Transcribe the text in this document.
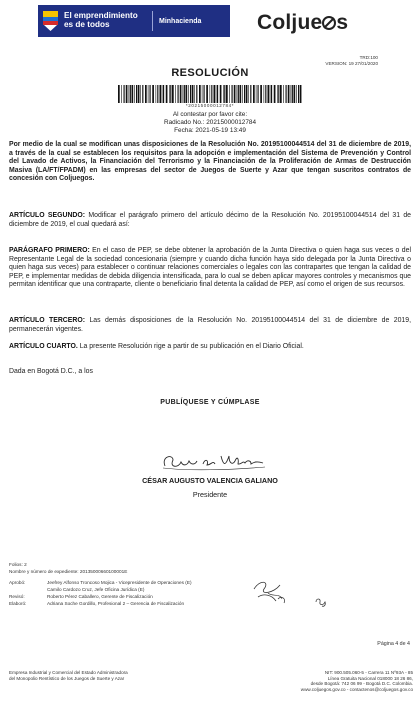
El emprendimiento
es de todos	Minhacienda	Coljue s
TRD:100
VERSION: 19 27/01/2020
RESOLUCIÓN
*20215000012784*
Al contestar por favor cite:
Radicado No.: 20215000012784
Fecha: 2021-05-19 13:49
Por medio de la cual se modifican unas disposiciones de la Resolución No. 20195100044514 del 31 de diciembre de 2019, a través de la cual se establecen los requisitos para la adopción e implementación del Sistema de Prevención y Control del Lavado de Activos, la Financiación del Terrorismo y la Financiación de la Proliferación de Armas de Destrucción Masiva (LA/FT/FPADM) en las empresas del sector de Juegos de Suerte y Azar que tengan suscritos contratos de concesión con Coljuegos.
ARTÍCULO SEGUNDO: Modificar el parágrafo primero del artículo décimo de la Resolución No. 20195100044514 del 31 de diciembre de 2019, el cual quedará así:
PARÁGRAFO PRIMERO: En el caso de PEP, se debe obtener la aprobación de la Junta Directiva o quien haga sus veces o del Representante Legal de la sociedad concesionaria (siempre y cuando dicha función haya sido delegada por la Junta Directiva o quien haga sus veces) para establecer o continuar relaciones comerciales o legales con las contrapartes que tengan la calidad de PEP, e implementar medidas de debida diligencia intensificada, para lo cual se deben aplicar mayores controles y mecanismos que permitan identificar que una contraparte, cliente o beneficiario final detenta la calidad de PEP, así como el origen de sus recursos.
ARTÍCULO TERCERO: Las demás disposiciones de la Resolución No. 20195100044514 del 31 de diciembre de 2019, permanecerán vigentes.
ARTÍCULO CUARTO. La presente Resolución rige a partir de su publicación en el Diario Oficial.
Dada en Bogotá D.C., a los
PUBLÍQUESE Y CÚMPLASE
CÉSAR AUGUSTO VALENCIA GALIANO
Presidente
Folios: 2
Nombre y número de expediente: 20135000660100001E
Aprobó:	Jeefrey Alfonso Troncoso Mojica - Vicepresidente de Operaciones (E)
Camilo Cardozo Cruz, Jefe Oficina Jurídica (E)
Revisó:	Roberto Pérez Caballero, Gerente de Fiscalización
Elaboró:	Adriana Soche Gordillo, Profesional 2 – Gerencia de Fiscalización
Página 4 de 4
Empresa Industrial y Comercial del Estado Administradora
del Monopolio Rentístico de los Juegos de Suerte y Azar
NIT: 900.505.060-5 - Carrera 11 Nº93A - 85
Línea Gratuita Nacional 018000 18 26 86,
desde Bogotá: 742 06 99 - Bogotá D.C. Colombia.
www.coljuegos.gov.co - contactenos@coljuegos.gov.co
